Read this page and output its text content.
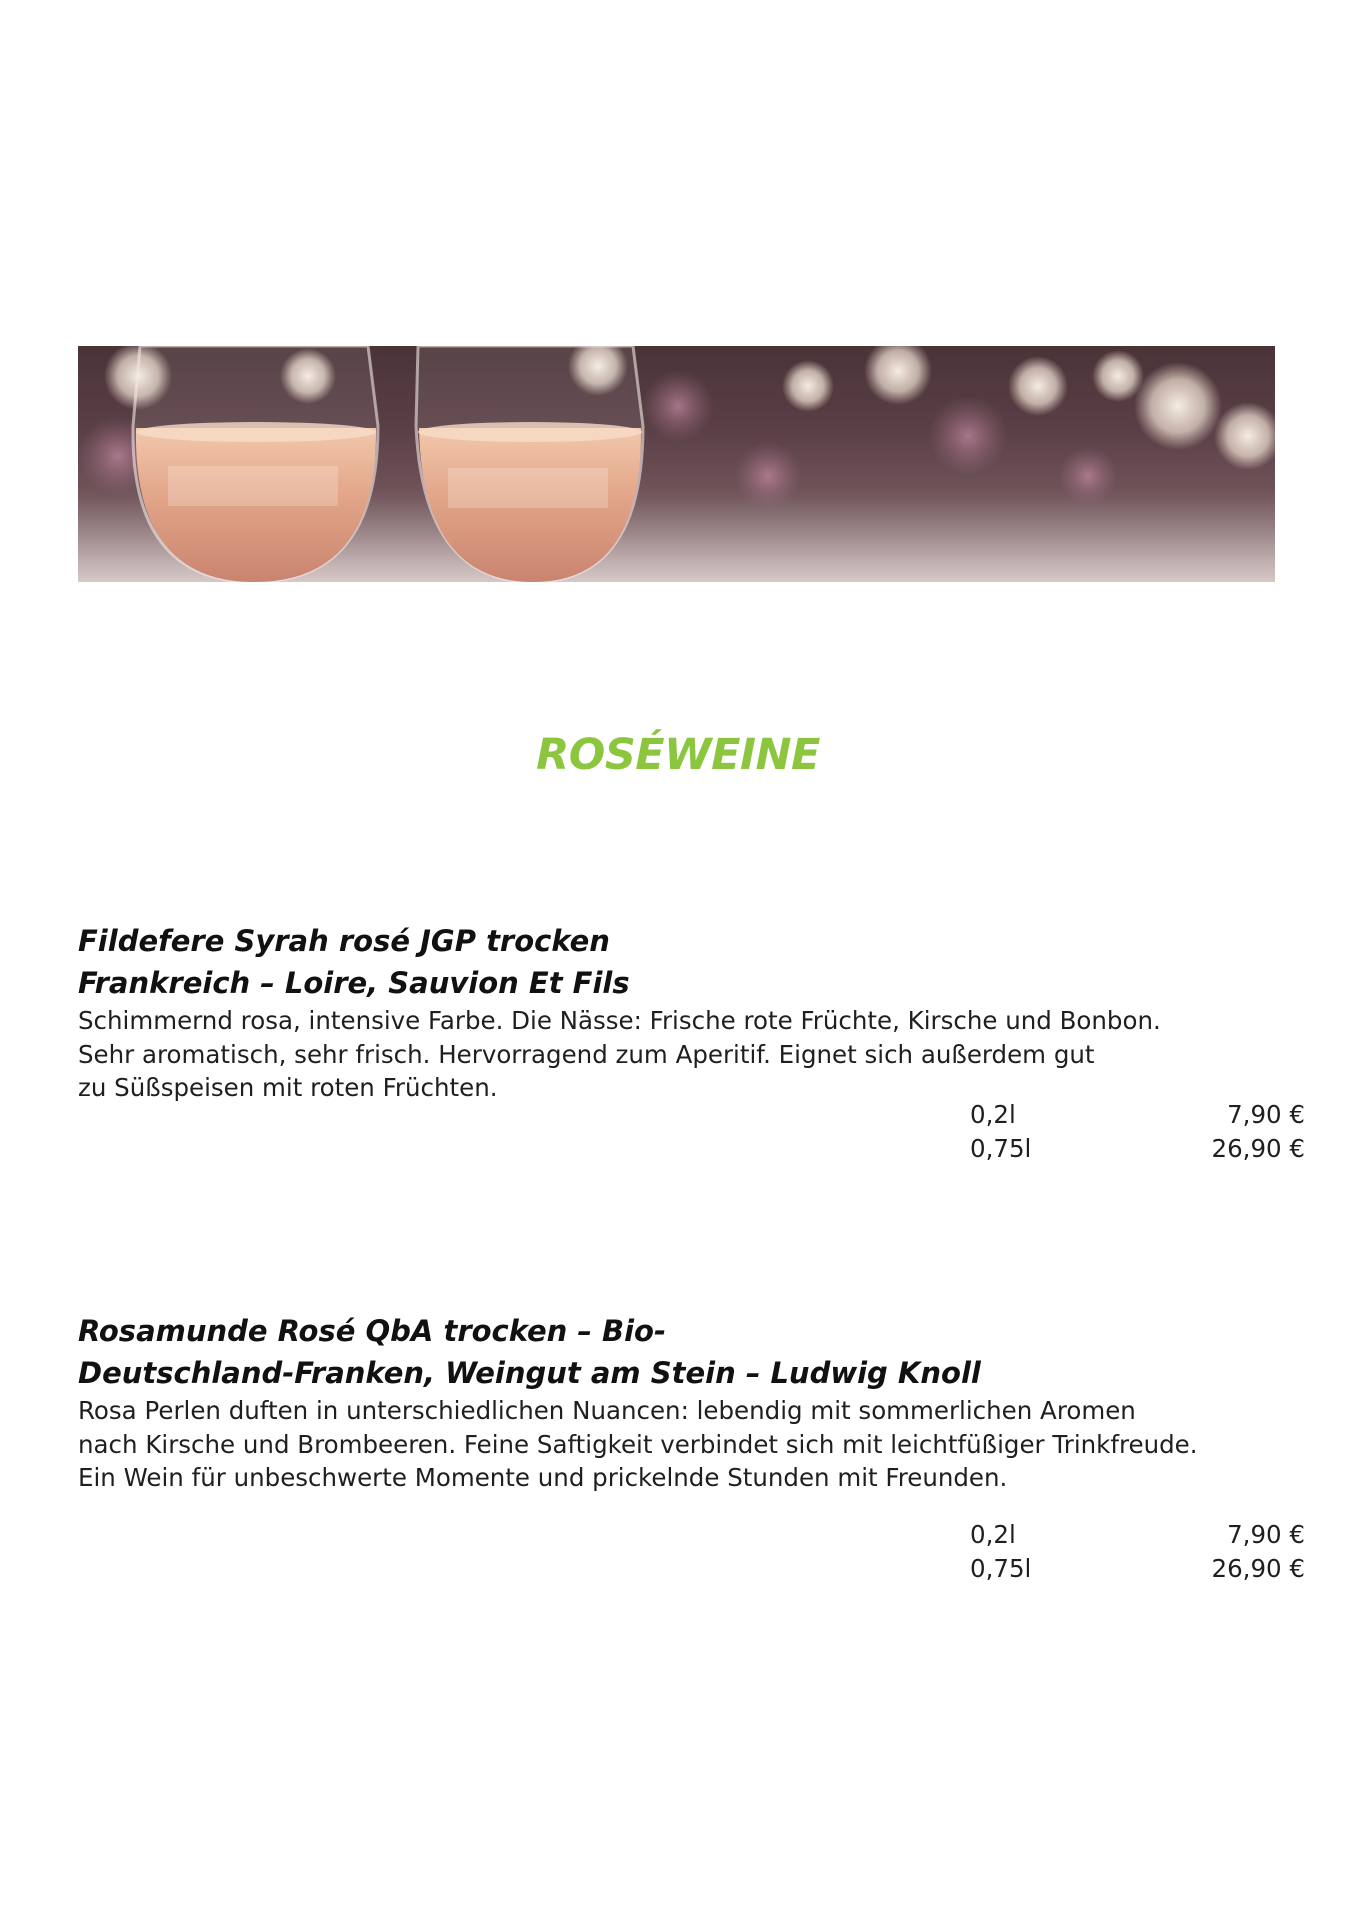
ROSÉWEINE
Fildefere Syrah rosé JGP trocken
Frankreich – Loire, Sauvion Et Fils
Schimmernd rosa, intensive Farbe. Die Nässe: Frische rote Früchte, Kirsche und Bonbon.
Sehr aromatisch, sehr frisch. Hervorragend zum Aperitif. Eignet sich außerdem gut
zu Süßspeisen mit roten Früchten.
0,2l	7,90 €
0,75l	26,90 €
Rosamunde Rosé QbA trocken – Bio-
Deutschland-Franken, Weingut am Stein – Ludwig Knoll
Rosa Perlen duften in unterschiedlichen Nuancen: lebendig mit sommerlichen Aromen
nach Kirsche und Brombeeren. Feine Saftigkeit verbindet sich mit leichtfüßiger Trinkfreude.
Ein Wein für unbeschwerte Momente und prickelnde Stunden mit Freunden.
0,2l	7,90 €
0,75l	26,90 €
